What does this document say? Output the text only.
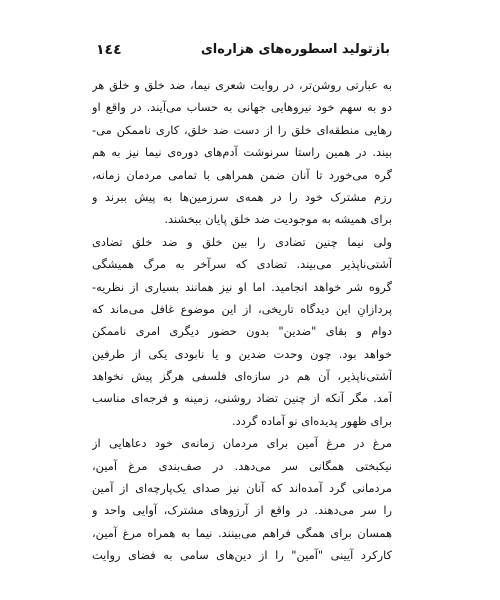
بازتولید اسطوره‌های هزاره‌ای
١٤٤
به عبارتی روشن‌تر، در روایت شعری نیما، ضد خلق و خلق هر
دو به سهم خود نیروهایی جهانی به حساب می‌آیند. در واقع او
رهایی منطقه‌ای خلق را از دست ضد خلق، کاری ناممکن می-
بیند. در همین راستا سرنوشت آدم‌های دوره‌ی نیما نیز به هم
گره می‌خورد تا آنان ضمن همراهی با تمامی مردمان زمانه،
رزم مشترک خود را در همه‌ی سرزمین‌ها به پیش ببرند و
برای همیشه به موجودیت ضد خلق پایان ببخشند.
ولی نیما چنین تضادی را بین خلق و ضد خلق تضادی
آشتی‌ناپذیر می‌بیند. تضادی که سرآخر به مرگ همیشگی
گروه شر خواهد انجامید. اما او نیز همانند بسیاری از نظریه-
پردازانِ این دیدگاه تاریخی، از این موضوع غافل می‌ماند که
دوام و بقای "ضدین" بدون حضور دیگری امری ناممکن
خواهد بود. چون وحدت ضدین و یا نابودی یکی از طرفین
آشتی‌ناپذیر، آن هم در سازه‌ای فلسفی هرگز پیش نخواهد
آمد. مگر آنکه از چنین تضاد روشنی، زمینه و فرجه‌ای مناسب
برای ظهور پدیده‌ای نو آماده گردد.
مرغ در مرغ آمین برای مردمان زمانه‌ی خود دعاهایی از
نیکبختی همگانی سر می‌دهد. در صف‌بندی مرغ آمین،
مردمانی گرد آمده‌اند که آنان نیز صدای یک‌پارچه‌ای از آمین
را سر می‌دهند. در واقع از آرزوهای مشترک، آوایی واحد و
همسان برای همگی فراهم می‌بینند. نیما به همراه مرغ آمین،
کارکرد آیینی "آمین" را از دین‌های سامی به فضای روایت
